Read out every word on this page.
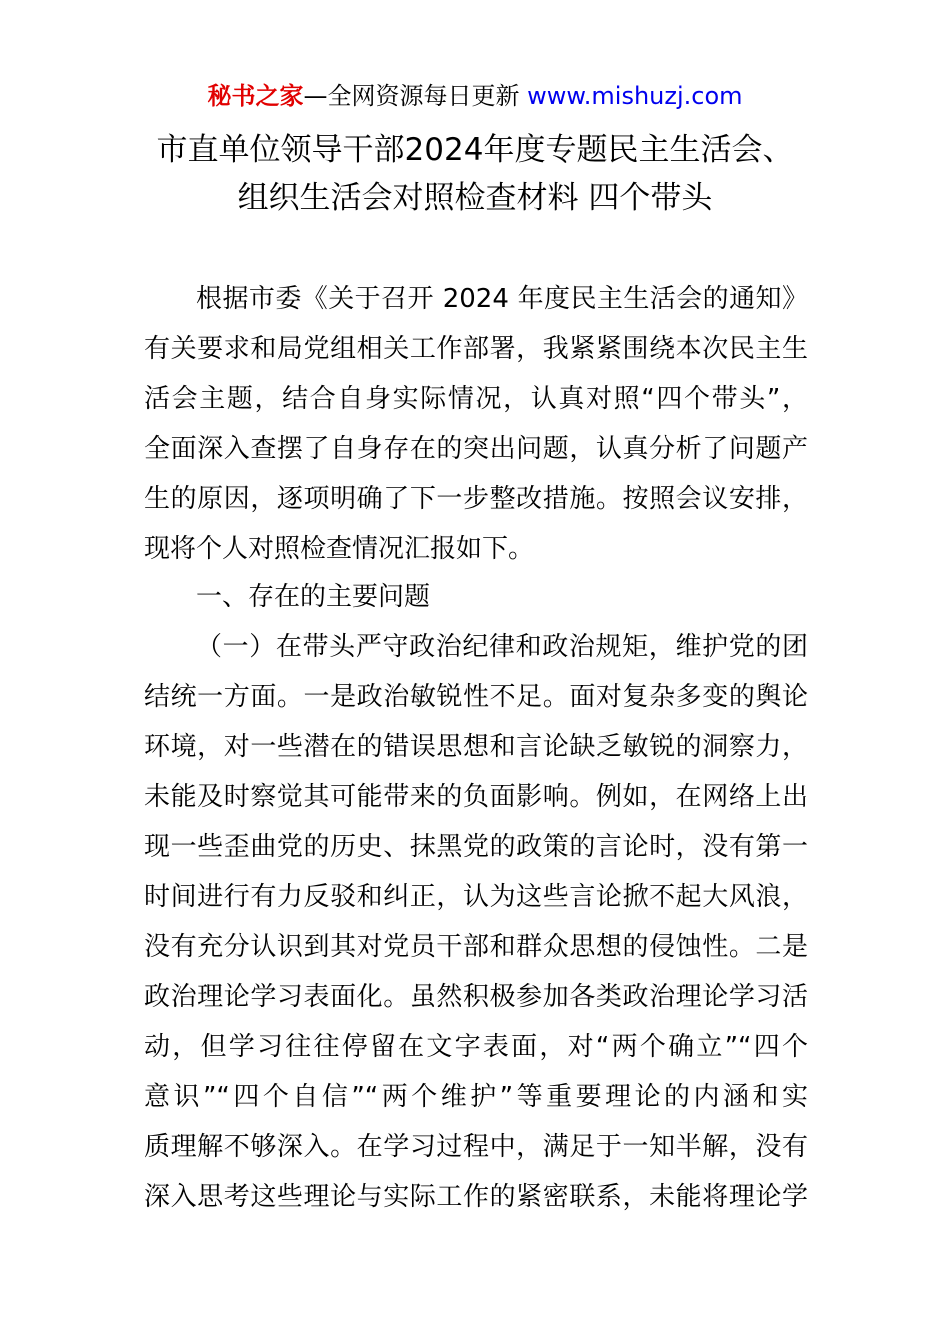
秘书之家—全网资源每日更新 www.mishuzj.com
市直单位领导干部2024年度专题民主生活会、
组织生活会对照检查材料 四个带头
根据市委《关于召开 2024 年度民主生活会的通知》
有关要求和局党组相关工作部署，我紧紧围绕本次民主生
活会主题，结合自身实际情况，认真对照“四个带头”，
全面深入查摆了自身存在的突出问题，认真分析了问题产
生的原因，逐项明确了下一步整改措施。按照会议安排，
现将个人对照检查情况汇报如下。
一、存在的主要问题
（一）在带头严守政治纪律和政治规矩，维护党的团
结统一方面。一是政治敏锐性不足。面对复杂多变的舆论
环境，对一些潜在的错误思想和言论缺乏敏锐的洞察力，
未能及时察觉其可能带来的负面影响。例如，在网络上出
现一些歪曲党的历史、抹黑党的政策的言论时，没有第一
时间进行有力反驳和纠正，认为这些言论掀不起大风浪，
没有充分认识到其对党员干部和群众思想的侵蚀性。二是
政治理论学习表面化。虽然积极参加各类政治理论学习活
动，但学习往往停留在文字表面，对“两个确立”“四个
意识”“四个自信”“两个维护”等重要理论的内涵和实
质理解不够深入。在学习过程中，满足于一知半解，没有
深入思考这些理论与实际工作的紧密联系，未能将理论学
